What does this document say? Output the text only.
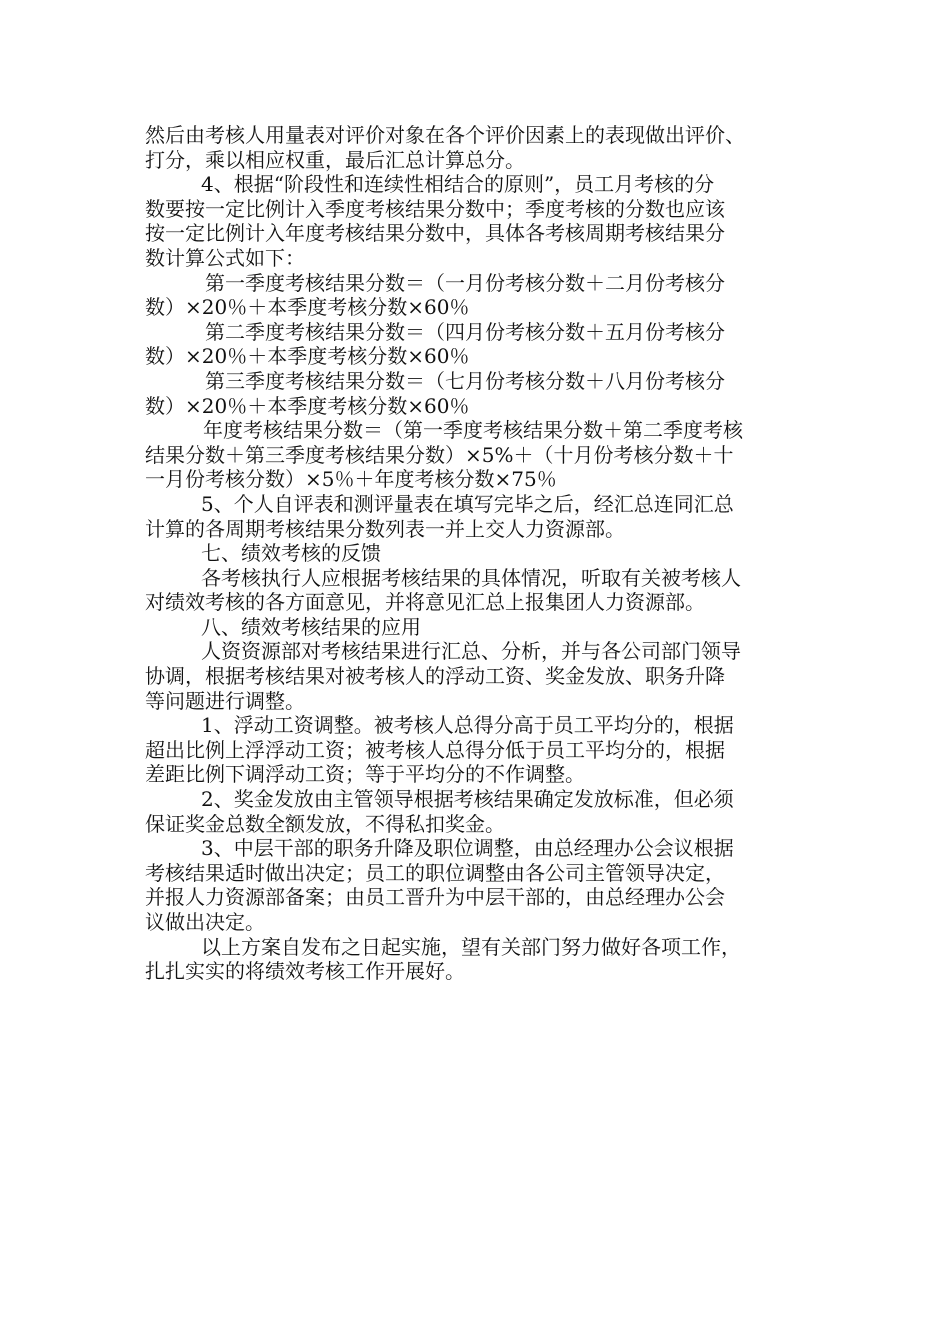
然后由考核人用量表对评价对象在各个评价因素上的表现做出评价、

打分，乘以相应权重，最后汇总计算总分。

4、根据“阶段性和连续性相结合的原则”，员工月考核的分

数要按一定比例计入季度考核结果分数中；季度考核的分数也应该

按一定比例计入年度考核结果分数中，具体各考核周期考核结果分

数计算公式如下：

第一季度考核结果分数＝（一月份考核分数＋二月份考核分

数）×20％＋本季度考核分数×60％

第二季度考核结果分数＝（四月份考核分数＋五月份考核分

数）×20％＋本季度考核分数×60％

第三季度考核结果分数＝（七月份考核分数＋八月份考核分

数）×20％＋本季度考核分数×60％

年度考核结果分数＝（第一季度考核结果分数＋第二季度考核

结果分数＋第三季度考核结果分数）×5%＋（十月份考核分数＋十

一月份考核分数）×5％＋年度考核分数×75％

5、个人自评表和测评量表在填写完毕之后，经汇总连同汇总

计算的各周期考核结果分数列表一并上交人力资源部。

七、绩效考核的反馈

各考核执行人应根据考核结果的具体情况，听取有关被考核人

对绩效考核的各方面意见，并将意见汇总上报集团人力资源部。

八、绩效考核结果的应用

人资资源部对考核结果进行汇总、分析，并与各公司部门领导

协调，根据考核结果对被考核人的浮动工资、奖金发放、职务升降

等问题进行调整。

1、浮动工资调整。被考核人总得分高于员工平均分的，根据

超出比例上浮浮动工资；被考核人总得分低于员工平均分的，根据

差距比例下调浮动工资；等于平均分的不作调整。

2、奖金发放由主管领导根据考核结果确定发放标准，但必须

保证奖金总数全额发放，不得私扣奖金。

3、中层干部的职务升降及职位调整，由总经理办公会议根据

考核结果适时做出决定；员工的职位调整由各公司主管领导决定，

并报人力资源部备案；由员工晋升为中层干部的，由总经理办公会

议做出决定。

以上方案自发布之日起实施，望有关部门努力做好各项工作，

扎扎实实的将绩效考核工作开展好。
